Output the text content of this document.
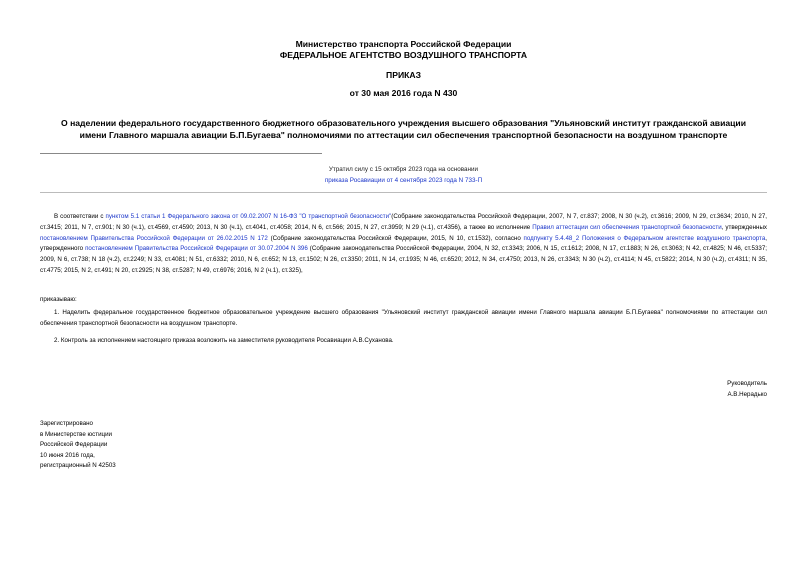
Министерство транспорта Российской Федерации
ФЕДЕРАЛЬНОЕ АГЕНТСТВО ВОЗДУШНОГО ТРАНСПОРТА
ПРИКАЗ
от 30 мая 2016 года N 430
О наделении федерального государственного бюджетного образовательного учреждения высшего образования "Ульяновский институт гражданской авиации
имени Главного маршала авиации Б.П.Бугаева" полномочиями по аттестации сил обеспечения транспортной безопасности на воздушном транспорте
Утратил силу с 15 октября 2023 года на основании
приказа Росавиации от 4 сентября 2023 года N 733-П
В соответствии с пунктом 5.1 статьи 1 Федерального закона от 09.02.2007 N 16-ФЗ "О транспортной безопасности"(Собрание законодательства Российской Федерации, 2007, N 7, ст.837; 2008, N 30 (ч.2), ст.3616; 2009, N 29, ст.3634; 2010, N 27, ст.3415; 2011, N 7, ст.901; N 30 (ч.1), ст.4569, ст.4590; 2013, N 30 (ч.1), ст.4041, ст.4058; 2014, N 6, ст.566; 2015, N 27, ст.3959; N 29 (ч.1), ст.4356), а также во исполнение Правил аттестации сил обеспечения транспортной безопасности, утвержденных постановлением Правительства Российской Федерации от 26.02.2015 N 172 (Собрание законодательства Российской Федерации, 2015, N 10, ст.1532), согласно подпункту 5.4.48_2 Положения о Федеральном агентстве воздушного транспорта, утвержденного постановлением Правительства Российской Федерации от 30.07.2004 N 396 (Собрание законодательства Российской Федерации, 2004, N 32, ст.3343; 2006, N 15, ст.1612; 2008, N 17, ст.1883; N 26, ст.3063; N 42, ст.4825; N 46, ст.5337; 2009, N 6, ст.738; N 18 (ч.2), ст.2249; N 33, ст.4081; N 51, ст.6332; 2010, N 6, ст.652; N 13, ст.1502; N 26, ст.3350; 2011, N 14, ст.1935; N 46, ст.6520; 2012, N 34, ст.4750; 2013, N 26, ст.3343; N 30 (ч.2), ст.4114; N 45, ст.5822; 2014, N 30 (ч.2), ст.4311; N 35, ст.4775; 2015, N 2, ст.491; N 20, ст.2925; N 38, ст.5287; N 49, ст.6976; 2016, N 2 (ч.1), ст.325),
приказываю:
1. Наделить федеральное государственное бюджетное образовательное учреждение высшего образования "Ульяновский институт гражданской авиации имени Главного маршала авиации Б.П.Бугаева" полномочиями по аттестации сил обеспечения транспортной безопасности на воздушном транспорте.
2. Контроль за исполнением настоящего приказа возложить на заместителя руководителя Росавиации А.В.Суханова.
Руководитель
А.В.Нерадько
Зарегистрировано
в Министерстве юстиции
Российской Федерации
10 июня 2016 года,
регистрационный N 42503
